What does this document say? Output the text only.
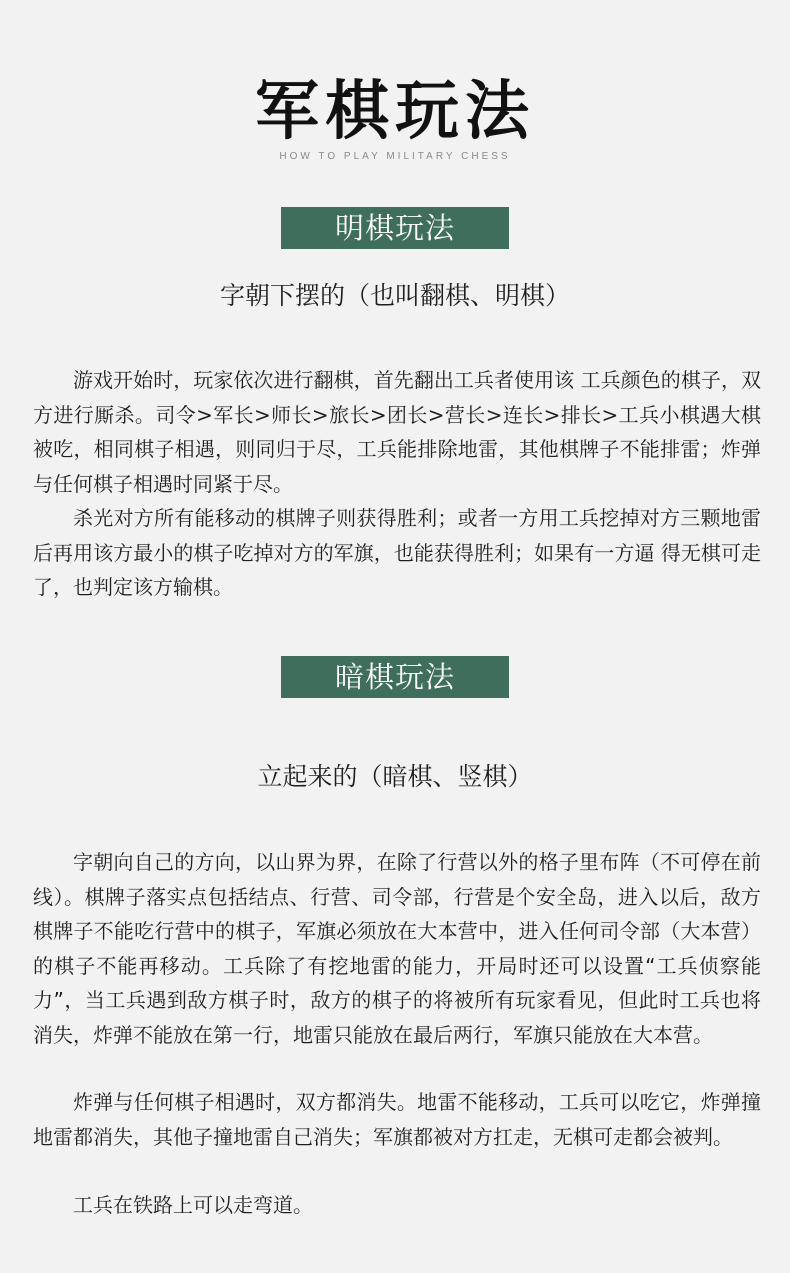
军棋玩法
HOW TO PLAY MILITARY CHESS
明棋玩法
字朝下摆的（也叫翻棋、明棋）

游戏开始时，玩家依次进行翻棋，首先翻出工兵者使用该 工兵颜色的棋子，双方进行厮杀。司令>军长>师长>旅长>团长>营长>连长>排长>工兵小棋遇大棋被吃，相同棋子相遇，则同归于尽，工兵能排除地雷，其他棋牌子不能排雷；炸弹与任何棋子相遇时同紧于尽。

杀光对方所有能移动的棋牌子则获得胜利；或者一方用工兵挖掉对方三颗地雷后再用该方最小的棋子吃掉对方的军旗，也能获得胜利；如果有一方逼 得无棋可走了，也判定该方输棋。

暗棋玩法
立起来的（暗棋、竖棋）

字朝向自己的方向，以山界为界，在除了行营以外的格子里布阵（不可停在前线）。棋牌子落实点包括结点、行营、司令部，行营是个安全岛，进入以后，敌方棋牌子不能吃行营中的棋子，军旗必须放在大本营中，进入任何司令部（大本营）的棋子不能再移动。工兵除了有挖地雷的能力，开局时还可以设置“工兵侦察能力”，当工兵遇到敌方棋子时，敌方的棋子的将被所有玩家看见，但此时工兵也将消失，炸弹不能放在第一行，地雷只能放在最后两行，军旗只能放在大本营。

炸弹与任何棋子相遇时，双方都消失。地雷不能移动，工兵可以吃它，炸弹撞地雷都消失，其他子撞地雷自己消失；军旗都被对方扛走，无棋可走都会被判。

工兵在铁路上可以走弯道。
